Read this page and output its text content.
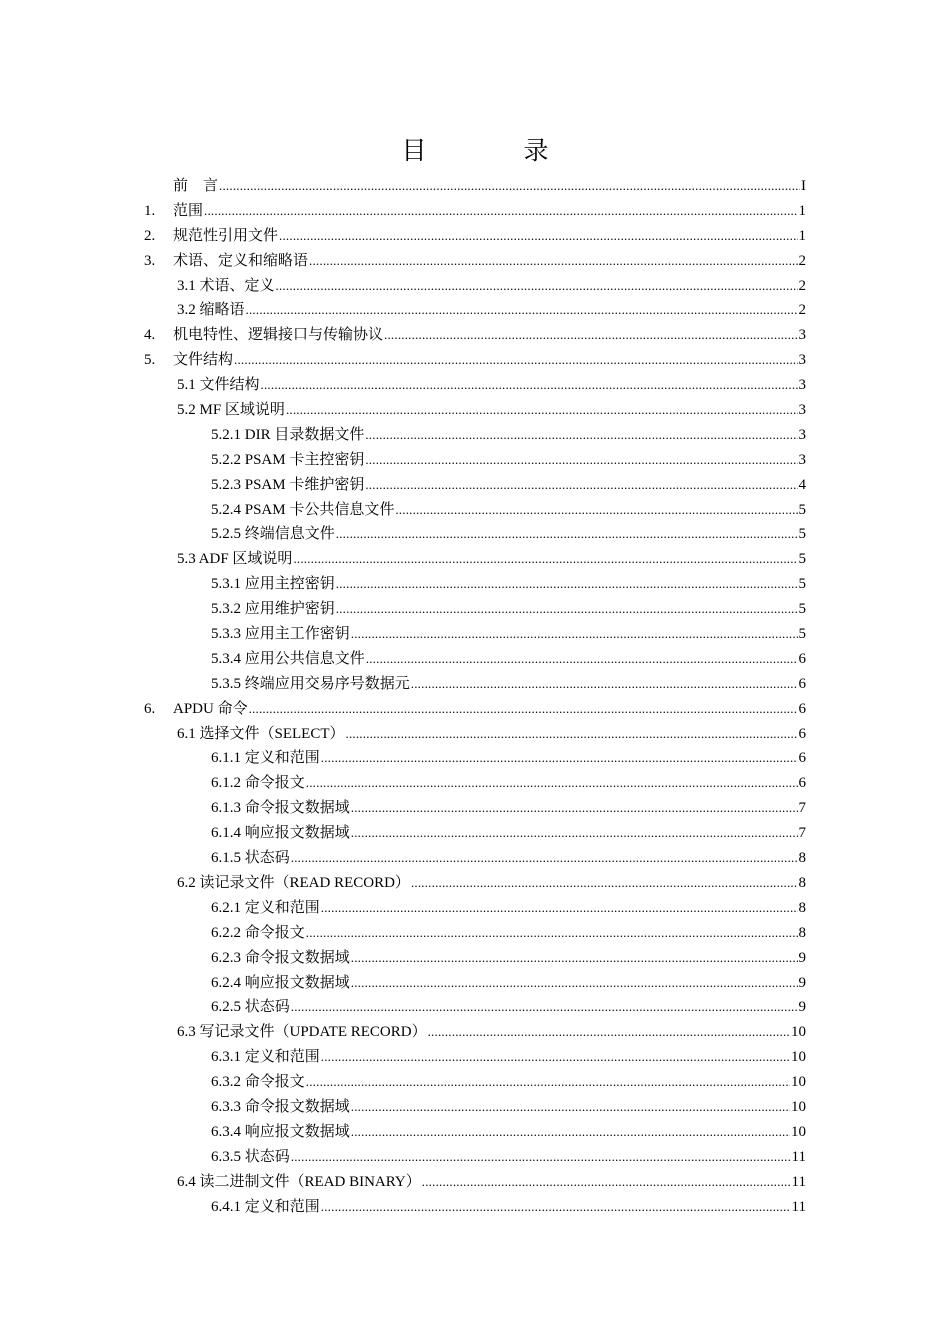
目　录
前　言 .....	I
1.	范围 .....	1
2.	规范性引用文件 .....	1
3.	术语、定义和缩略语 .....	2
3.1 术语、定义 .....	2
3.2 缩略语 .....	2
4.	机电特性、逻辑接口与传输协议 .....	3
5.	文件结构 .....	3
5.1 文件结构 .....	3
5.2 MF 区域说明 .....	3
5.2.1 DIR 目录数据文件 .....	3
5.2.2 PSAM 卡主控密钥 .....	3
5.2.3 PSAM 卡维护密钥 .....	4
5.2.4 PSAM 卡公共信息文件 .....	5
5.2.5 终端信息文件 .....	5
5.3 ADF 区域说明 .....	5
5.3.1 应用主控密钥 .....	5
5.3.2 应用维护密钥 .....	5
5.3.3 应用主工作密钥 .....	5
5.3.4 应用公共信息文件 .....	6
5.3.5 终端应用交易序号数据元 .....	6
6.	APDU 命令 .....	6
6.1 选择文件（SELECT） .....	6
6.1.1 定义和范围 .....	6
6.1.2 命令报文 .....	6
6.1.3 命令报文数据域 .....	7
6.1.4 响应报文数据域 .....	7
6.1.5 状态码 .....	8
6.2 读记录文件（READ RECORD） .....	8
6.2.1 定义和范围 .....	8
6.2.2 命令报文 .....	8
6.2.3 命令报文数据域 .....	9
6.2.4 响应报文数据域 .....	9
6.2.5 状态码 .....	9
6.3 写记录文件（UPDATE RECORD） .....	10
6.3.1 定义和范围 .....	10
6.3.2 命令报文 .....	10
6.3.3 命令报文数据域 .....	10
6.3.4 响应报文数据域 .....	10
6.3.5 状态码 .....	11
6.4 读二进制文件（READ BINARY） .....	11
6.4.1 定义和范围 .....	11
